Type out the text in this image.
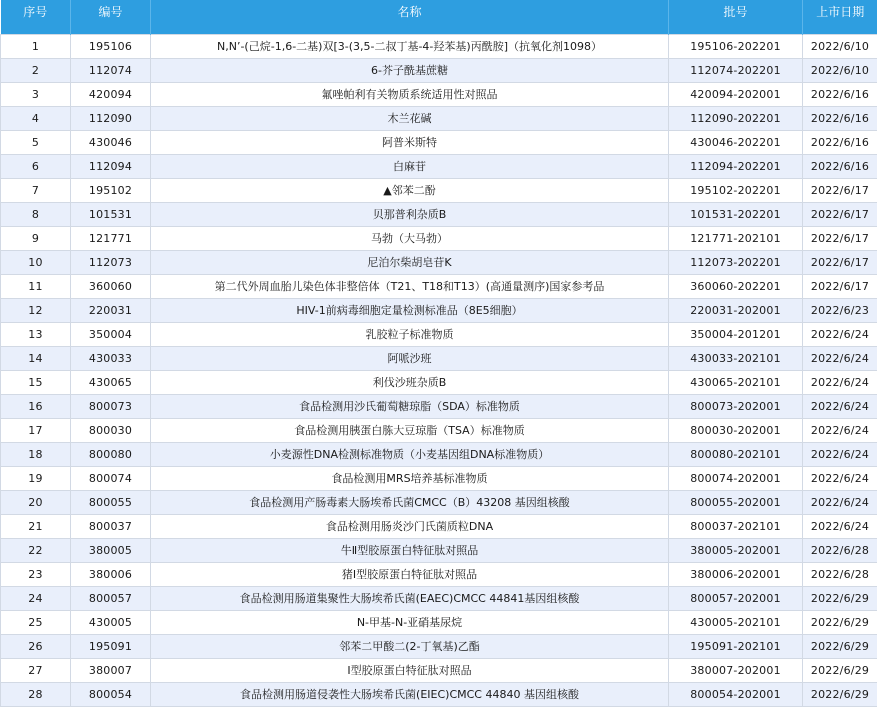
序号	编号	名称	批号	上市日期
1	195106	N,N’-(己烷-1,6-二基)双[3-(3,5-二叔丁基-4-羟苯基)丙酰胺]（抗氧化剂1098）	195106-202201	2022/6/10
2	112074	6-芥子酰基蔗糖	112074-202201	2022/6/10
3	420094	氟唑帕利有关物质系统适用性对照品	420094-202001	2022/6/16
4	112090	木兰花碱	112090-202201	2022/6/16
5	430046	阿普米斯特	430046-202201	2022/6/16
6	112094	白麻苷	112094-202201	2022/6/16
7	195102	▲邻苯二酚	195102-202201	2022/6/17
8	101531	贝那普利杂质B	101531-202201	2022/6/17
9	121771	马勃（大马勃）	121771-202101	2022/6/17
10	112073	尼泊尔柴胡皂苷K	112073-202201	2022/6/17
11	360060	第二代外周血胎儿染色体非整倍体（T21、T18和T13）(高通量测序)国家参考品	360060-202201	2022/6/17
12	220031	HIV-1前病毒细胞定量检测标准品（8E5细胞）	220031-202001	2022/6/23
13	350004	乳胶粒子标准物质	350004-201201	2022/6/24
14	430033	阿哌沙班	430033-202101	2022/6/24
15	430065	利伐沙班杂质B	430065-202101	2022/6/24
16	800073	食品检测用沙氏葡萄糖琼脂（SDA）标准物质	800073-202001	2022/6/24
17	800030	食品检测用胰蛋白胨大豆琼脂（TSA）标准物质	800030-202001	2022/6/24
18	800080	小麦源性DNA检测标准物质（小麦基因组DNA标准物质）	800080-202101	2022/6/24
19	800074	食品检测用MRS培养基标准物质	800074-202001	2022/6/24
20	800055	食品检测用产肠毒素大肠埃希氏菌CMCC（B）43208 基因组核酸	800055-202001	2022/6/24
21	800037	食品检测用肠炎沙门氏菌质粒DNA	800037-202101	2022/6/24
22	380005	牛Ⅱ型胶原蛋白特征肽对照品	380005-202001	2022/6/28
23	380006	猪Ⅰ型胶原蛋白特征肽对照品	380006-202001	2022/6/28
24	800057	食品检测用肠道集聚性大肠埃希氏菌(EAEC)CMCC 44841基因组核酸	800057-202001	2022/6/29
25	430005	N-甲基-N-亚硝基尿烷	430005-202101	2022/6/29
26	195091	邻苯二甲酸二(2-丁氧基)乙酯	195091-202101	2022/6/29
27	380007	Ⅰ型胶原蛋白特征肽对照品	380007-202001	2022/6/29
28	800054	食品检测用肠道侵袭性大肠埃希氏菌(EIEC)CMCC 44840 基因组核酸	800054-202001	2022/6/29
